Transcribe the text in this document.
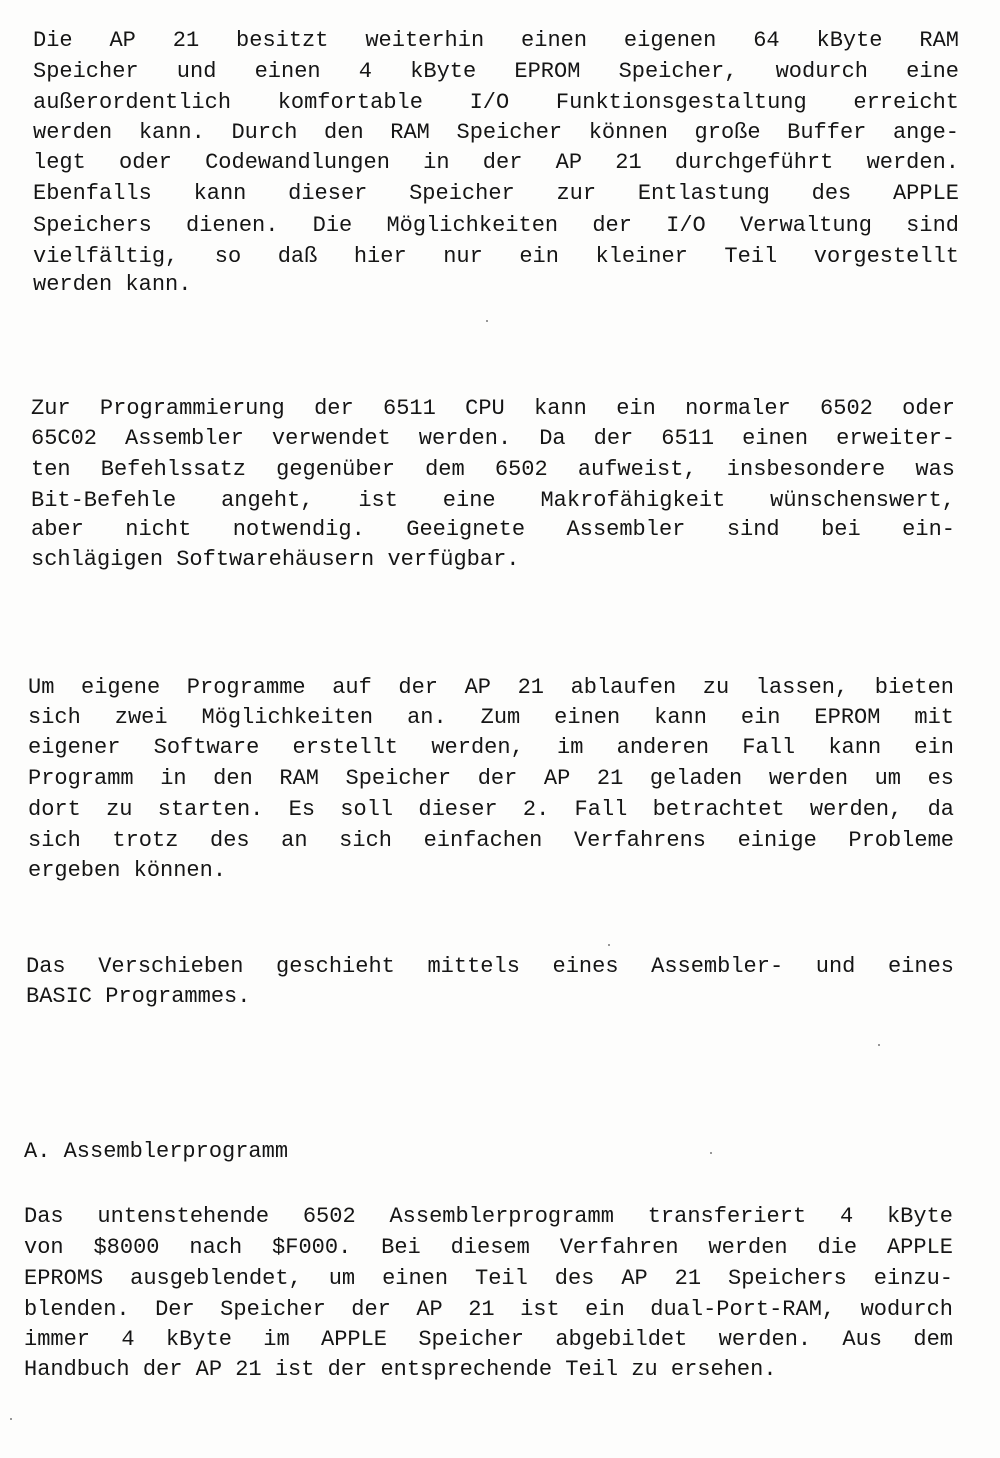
Die AP 21 besitzt weiterhin einen eigenen 64 kByte RAM
Speicher und einen 4 kByte EPROM Speicher, wodurch eine
außerordentlich komfortable I/O Funktionsgestaltung erreicht
werden kann. Durch den RAM Speicher können große Buffer ange-
legt oder Codewandlungen in der AP 21 durchgeführt werden.
Ebenfalls kann dieser Speicher zur Entlastung des APPLE
Speichers dienen. Die Möglichkeiten der I/O Verwaltung sind
vielfältig, so daß hier nur ein kleiner Teil vorgestellt
werden kann.
Zur Programmierung der 6511 CPU kann ein normaler 6502 oder
65C02 Assembler verwendet werden. Da der 6511 einen erweiter-
ten Befehlssatz gegenüber dem 6502 aufweist, insbesondere was
Bit-Befehle angeht, ist eine Makrofähigkeit wünschenswert,
aber nicht notwendig. Geeignete Assembler sind bei ein-
schlägigen Softwarehäusern verfügbar.
Um eigene Programme auf der AP 21 ablaufen zu lassen, bieten
sich zwei Möglichkeiten an. Zum einen kann ein EPROM mit
eigener Software erstellt werden, im anderen Fall kann ein
Programm in den RAM Speicher der AP 21 geladen werden um es
dort zu starten. Es soll dieser 2. Fall betrachtet werden, da
sich trotz des an sich einfachen Verfahrens einige Probleme
ergeben können.
Das Verschieben geschieht mittels eines Assembler- und eines
BASIC Programmes.
A. Assemblerprogramm
Das untenstehende 6502 Assemblerprogramm transferiert 4 kByte
von $8000 nach $F000. Bei diesem Verfahren werden die APPLE
EPROMS ausgeblendet, um einen Teil des AP 21 Speichers einzu-
blenden. Der Speicher der AP 21 ist ein dual-Port-RAM, wodurch
immer 4 kByte im APPLE Speicher abgebildet werden. Aus dem
Handbuch der AP 21 ist der entsprechende Teil zu ersehen.
